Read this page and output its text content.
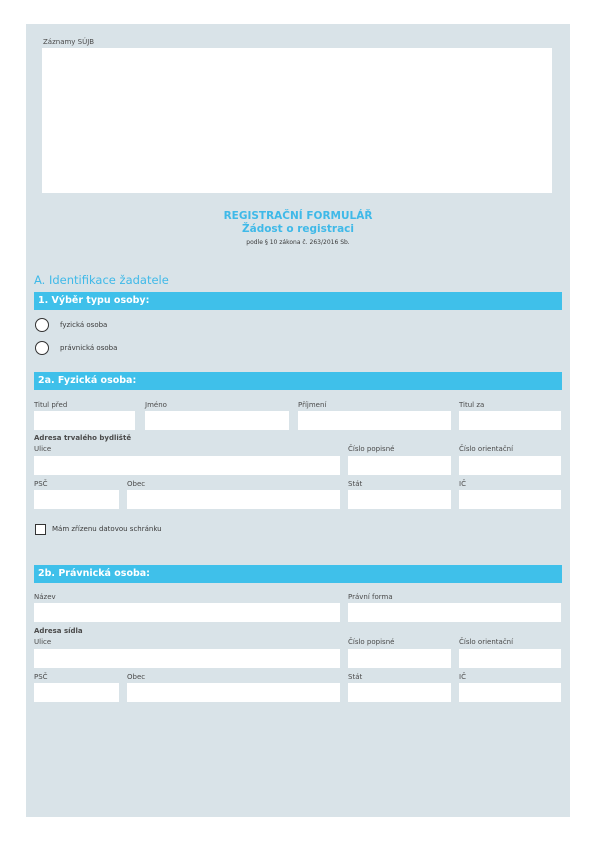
Záznamy SÚJB
REGISTRAČNÍ FORMULÁŘ
Žádost o registraci
podle § 10 zákona č. 263/2016 Sb.
A. Identifikace žadatele
1. Výběr typu osoby:
fyzická osoba
právnická osoba
2a. Fyzická osoba:
Titul před	Jméno	Příjmení	Titul za
Adresa trvalého bydliště
Ulice	Číslo popisné	Číslo orientační
PSČ	Obec	Stát	IČ
Mám zřízenu datovou schránku
2b. Právnická osoba:
Název	Právní forma
Adresa sídla
Ulice	Číslo popisné	Číslo orientační
PSČ	Obec	Stát	IČ
